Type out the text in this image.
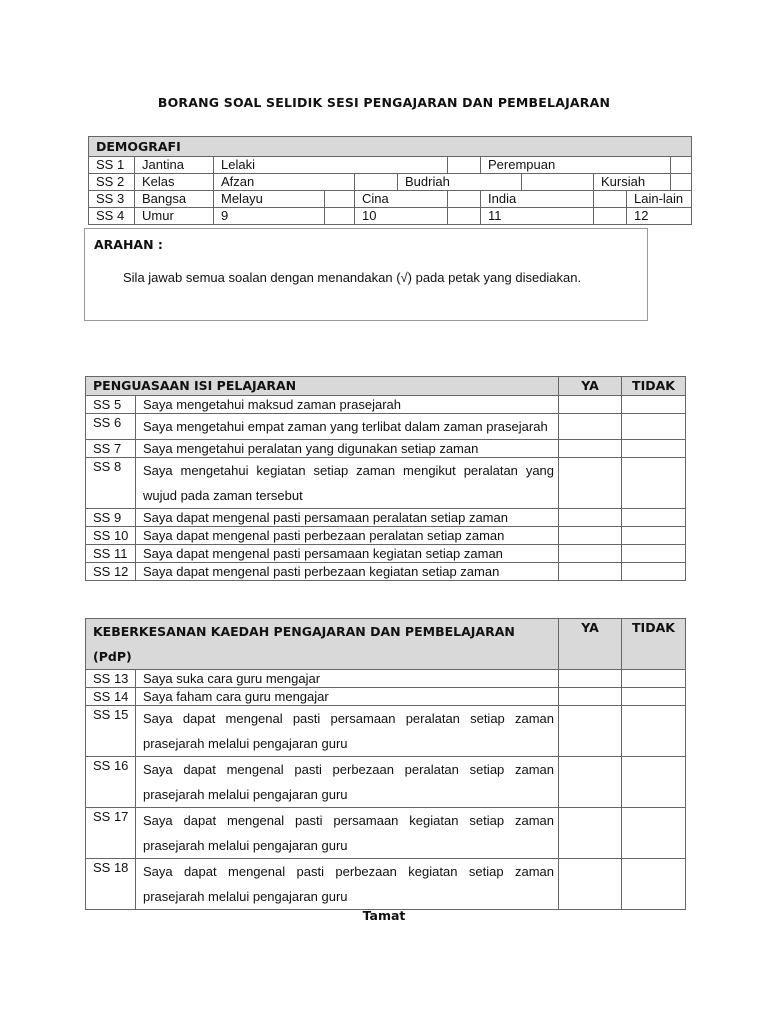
BORANG SOAL SELIDIK SESI PENGAJARAN DAN PEMBELAJARAN
DEMOGRAFI												
SS 1	Jantina	Lelaki					Perempuan					
SS 2	Kelas	Afzan			Budriah				Kursiah			
SS 3	Bangsa	Melayu		Cina			India			Lain-lain		
SS 4	Umur	9		10			11			12		
ARAHAN :
Sila jawab semua soalan dengan menandakan (√) pada petak yang disediakan.
PENGUASAAN ISI PELAJARAN		YA	TIDAK
SS 5	Saya mengetahui maksud zaman prasejarah		
SS 6	Saya mengetahui empat zaman yang terlibat dalam zaman prasejarah		
SS 7	Saya mengetahui peralatan yang digunakan setiap zaman		
SS 8	Saya mengetahui kegiatan setiap zaman mengikut peralatan yang wujud pada zaman tersebut		
SS 9	Saya dapat mengenal pasti persamaan peralatan setiap zaman		
SS 10	Saya dapat mengenal pasti perbezaan peralatan setiap zaman		
SS 11	Saya dapat mengenal pasti persamaan kegiatan setiap zaman		
SS 12	Saya dapat mengenal pasti perbezaan kegiatan setiap zaman		
KEBERKESANAN KAEDAH PENGAJARAN DAN PEMBELAJARAN (PdP)		YA	TIDAK
SS 13	Saya suka cara guru mengajar		
SS 14	Saya faham cara guru mengajar		
SS 15	Saya dapat mengenal pasti persamaan peralatan setiap zaman prasejarah melalui pengajaran guru		
SS 16	Saya dapat mengenal pasti perbezaan peralatan setiap zaman prasejarah melalui pengajaran guru		
SS 17	Saya dapat mengenal pasti persamaan kegiatan setiap zaman prasejarah melalui pengajaran guru		
SS 18	Saya dapat mengenal pasti perbezaan kegiatan setiap zaman prasejarah melalui pengajaran guru		
Tamat
